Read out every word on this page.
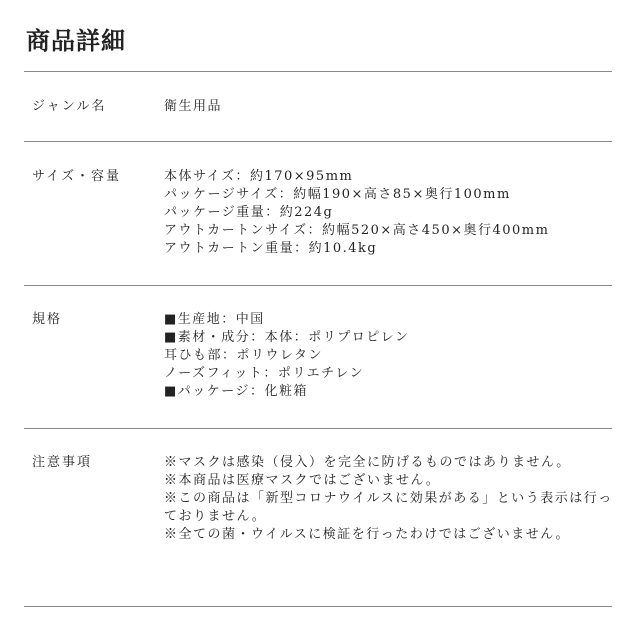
商品詳細
ジャンル名	衛生用品
サイズ・容量	本体サイズ：約170×95mm
パッケージサイズ：約幅190×高さ85×奥行100mm
パッケージ重量：約224g
アウトカートンサイズ：約幅520×高さ450×奥行400mm
アウトカートン重量：約10.4kg
規格	■生産地：中国
■素材・成分：本体：ポリプロピレン
耳ひも部：ポリウレタン
ノーズフィット：ポリエチレン
■パッケージ：化粧箱
注意事項	※マスクは感染（侵入）を完全に防げるものではありません。
※本商品は医療マスクではございません。
※この商品は「新型コロナウイルスに効果がある」という表示は行っておりません。
※全ての菌・ウイルスに検証を行ったわけではございません。
